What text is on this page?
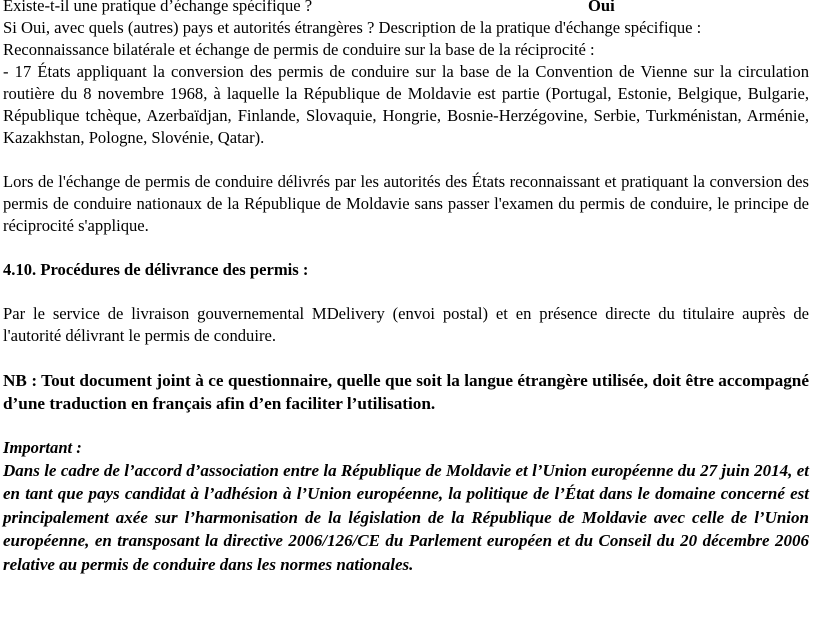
Existe-t-il une pratique d’échange spécifique ?	Oui

Si Oui, avec quels (autres) pays et autorités étrangères ? Description de la pratique d'échange spécifique :

Reconnaissance bilatérale et échange de permis de conduire sur la base de la réciprocité :

- 17 États appliquant la conversion des permis de conduire sur la base de la Convention de Vienne sur la circulation routière du 8 novembre 1968, à laquelle la République de Moldavie est partie (Portugal, Estonie, Belgique, Bulgarie, République tchèque, Azerbaïdjan, Finlande, Slovaquie, Hongrie, Bosnie-Herzégovine, Serbie, Turkménistan, Arménie, Kazakhstan, Pologne, Slovénie, Qatar).

Lors de l'échange de permis de conduire délivrés par les autorités des États reconnaissant et pratiquant la conversion des permis de conduire nationaux de la République de Moldavie sans passer l'examen du permis de conduire, le principe de réciprocité s'applique.

4.10. Procédures de délivrance des permis :

Par le service de livraison gouvernemental MDelivery (envoi postal) et en présence directe du titulaire auprès de l'autorité délivrant le permis de conduire.

NB : Tout document joint à ce questionnaire, quelle que soit la langue étrangère utilisée, doit être accompagné d’une traduction en français afin d’en faciliter l’utilisation.

Important :

Dans le cadre de l’accord d’association entre la République de Moldavie et l’Union européenne du 27 juin 2014, et en tant que pays candidat à l’adhésion à l’Union européenne, la politique de l’État dans le domaine concerné est principalement axée sur l’harmonisation de la législation de la République de Moldavie avec celle de l’Union européenne, en transposant la directive 2006/126/CE du Parlement européen et du Conseil du 20 décembre 2006 relative au permis de conduire dans les normes nationales.
